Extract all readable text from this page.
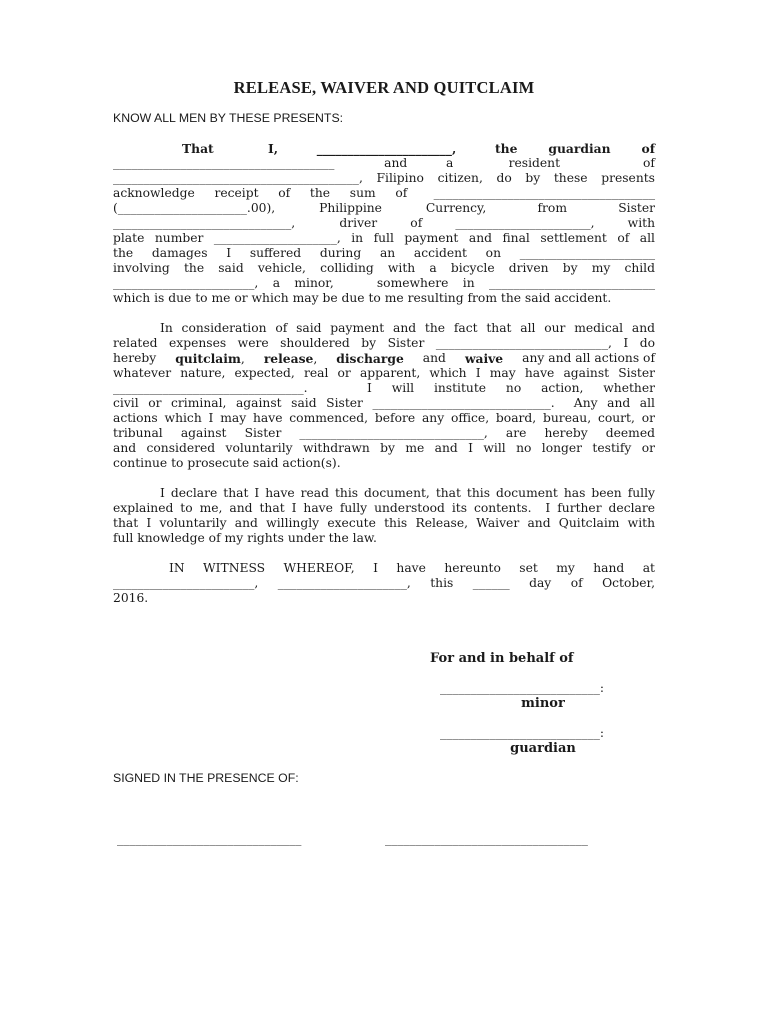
RELEASE, WAIVER AND QUITCLAIM
KNOW ALL MEN BY THESE PRESENTS:
That       I,     ______________________,     the    guardian    of
____________________________________         and       a          resident               of
________________________________________, Filipino citizen, do by these presents
acknowledge   receipt   of   the   sum   of    ____________________________________
(_____________________.00),      Philippine      Currency,       from       Sister
_____________________________,    driver   of   ______________________,   with
plate number ____________________, in full payment and final settlement of all
the   damages   I   suffered   during   an   accident   on   ______________________
involving   the   said   vehicle,   colliding   with   a   bicycle   driven   by   my   child
_______________________, a minor,   somewhere in ___________________________
which is due to me or which may be due to me resulting from the said accident.
In consideration of said payment and the fact that all our medical and
related expenses were shouldered by Sister ____________________________, I do
hereby quitclaim, release, discharge and waive any and all actions of
whatever nature, expected, real or apparent, which I may have against Sister
_______________________________.   I will institute no action, whether
civil or criminal, against said Sister _____________________________.  Any and all
actions which I may have commenced, before any office, board, bureau, court, or
tribunal against Sister ______________________________, are hereby deemed
and considered voluntarily withdrawn by me and I will no longer testify or
continue to prosecute said action(s).
I declare that I have read this document, that this document has been fully
explained to me, and that I have fully understood its contents.  I further declare
that I voluntarily and willingly execute this Release, Waiver and Quitclaim with
full knowledge of my rights under the law.
IN    WITNESS    WHEREOF,    I    have    hereunto    set    my    hand    at
_______________________,  _____________________,  this  ______  day  of  October,
2016.
For and in behalf of
__________________________:
minor
__________________________:
guardian
SIGNED IN THE PRESENCE OF:
______________________________	_________________________________
